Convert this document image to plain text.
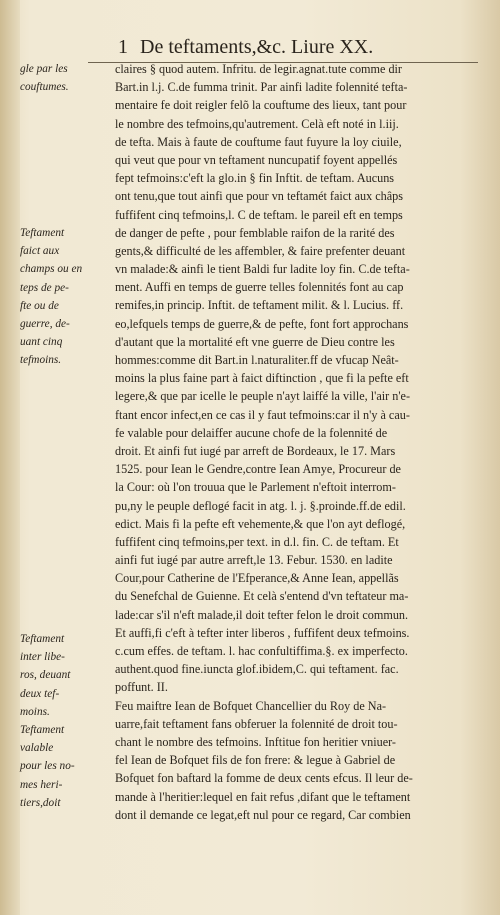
1 De teftaments,&c. Liure XX.
gle par les
couftumes.
Teftament
faict aux
champs ou en
teps de pe-
fte ou de
guerre, de-
uant cinq
tefmoins.
Teftament
inter libe-
ros, deuant
deux tef-
moins.
Teftament
valable
pour les no-
mes heri-
tiers,doit
claires § quod autem. Infritu. de legir.agnat.tute comme dir
Bart.in l.j. C.de fumma trinit. Par ainfi ladite folennité tefta-
mentaire fe doit reigler felõ la couftume des lieux, tant pour
le nombre des tefmoins,qu'autrement. Celà eft noté in l.iij.
de tefta. Mais à faute de couftume faut fuyure la loy ciuile,
qui veut que pour vn teftament nuncupatif foyent appellés
fept tefmoins:c'eft la glo.in § fin Inftit. de teftam. Aucuns
ont tenu,que tout ainfi que pour vn teftamét faict aux châps
fuffifent cinq tefmoins,l. C de teftam. le pareil eft en temps
de danger de pefte , pour femblable raifon de la rarité des
gents,& difficulté de les affembler, & faire prefenter deuant
vn malade:& ainfi le tient Baldi fur ladite loy fin. C.de tefta-
ment. Auffi en temps de guerre telles folennités font au cap
remifes,in princip. Inftit. de teftament milit. & l. Lucius. ff.
eo,lefquels temps de guerre,& de pefte, font fort approchans
d'autant que la mortalité eft vne guerre de Dieu contre les
hommes:comme dit Bart.in l.naturaliter.ff de vfucap Neât-
moins la plus faine part à faict diftinction , que fi la pefte eft
legere,& que par icelle le peuple n'ayt laiffé la ville, l'air n'e-
ftant encor infect,en ce cas il y faut tefmoins:car il n'y à cau-
fe valable pour delaiffer aucune chofe de la folennité de
droit. Et ainfi fut iugé par arreft de Bordeaux, le 17. Mars
1525. pour Iean le Gendre,contre Iean Amye, Procureur de
la Cour: où l'on trouua que le Parlement n'eftoit interrom-
pu,ny le peuple deflogé facit in atg. l. j. §.proinde.ff.de edil.
edict. Mais fi la pefte eft vehemente,& que l'on ayt deflogé,
fuffifent cinq tefmoins,per text. in d.l. fin. C. de teftam. Et
ainfi fut iugé par autre arreft,le 13. Febur. 1530. en ladite
Cour,pour Catherine de l'Efperance,& Anne Iean, appellãs
du Senefchal de Guienne. Et celà s'entend d'vn teftateur ma-
lade:car s'il n'eft malade,il doit tefter felon le droit commun.
Et auffi,fi c'eft à tefter inter liberos , fuffifent deux tefmoins.
c.cum effes. de teftam. l. hac confultiffima.§. ex imperfecto.
authent.quod fine.iuncta glof.ibidem,C. qui teftament. fac.
poffunt. II.
Feu maiftre Iean de Bofquet Chancellier du Roy de Na-
uarre,fait teftament fans obferuer la folennité de droit tou-
chant le nombre des tefmoins. Inftitue fon heritier vniuer-
fel Iean de Bofquet fils de fon frere: & legue à Gabriel de
Bofquet fon baftard la fomme de deux cents efcus. Il leur de-
mande à l'heritier:lequel en fait refus ,difant que le teftament
dont il demande ce legat,eft nul pour ce regard, Car combien
